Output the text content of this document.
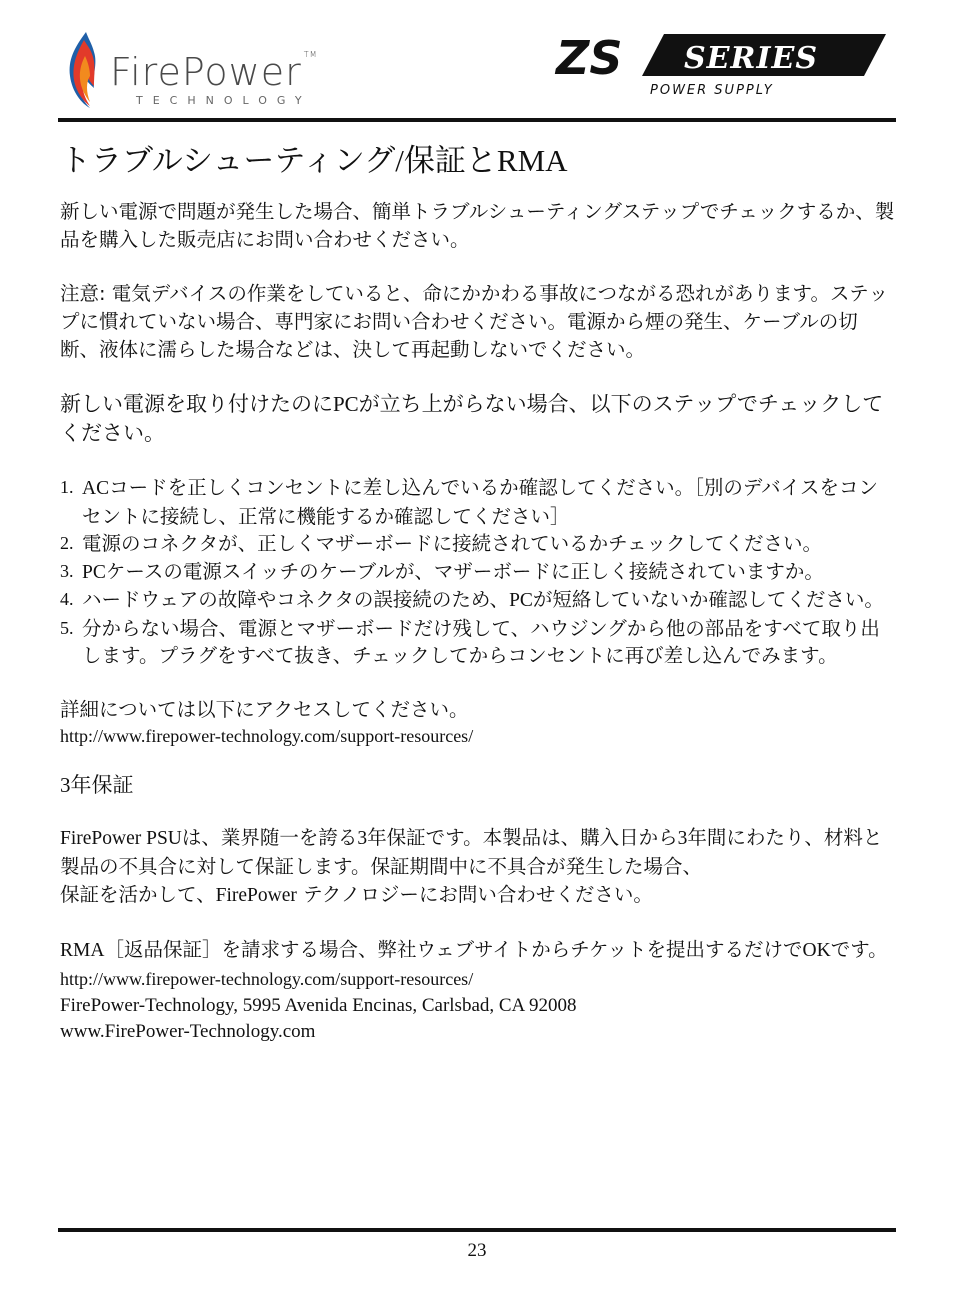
FirePower ™
TECHNOLOGY
ZS SERIES
POWER SUPPLY
トラブルシューティング/保証とRMA

新しい電源で問題が発生した場合、簡単トラブルシューティングステップでチェックするか、製品を購入した販売店にお問い合わせください。

注意: 電気デバイスの作業をしていると、命にかかわる事故につながる恐れがあります。ステップに慣れていない場合、専門家にお問い合わせください。電源から煙の発生、ケーブルの切断、液体に濡らした場合などは、決して再起動しないでください。

新しい電源を取り付けたのにPCが立ち上がらない場合、以下のステップでチェックしてください。

1. ACコードを正しくコンセントに差し込んでいるか確認してください。［別のデバイスをコンセントに接続し、正常に機能するか確認してください］
2. 電源のコネクタが、正しくマザーボードに接続されているかチェックしてください。
3. PCケースの電源スイッチのケーブルが、マザーボードに正しく接続されていますか。
4. ハードウェアの故障やコネクタの誤接続のため、PCが短絡していないか確認してください。
5. 分からない場合、電源とマザーボードだけ残して、ハウジングから他の部品をすべて取り出します。プラグをすべて抜き、チェックしてからコンセントに再び差し込んでみます。

詳細については以下にアクセスしてください。

http://www.firepower-technology.com/support-resources/

3年保証

FirePower PSUは、業界随一を誇る3年保証です。本製品は、購入日から3年間にわたり、材料と製品の不具合に対して保証します。保証期間中に不具合が発生した場合、
保証を活かして、FirePower テクノロジーにお問い合わせください。

RMA［返品保証］を請求する場合、弊社ウェブサイトからチケットを提出するだけでOKです。http://www.firepower-technology.com/support-resources/

FirePower-Technology, 5995 Avenida Encinas, Carlsbad, CA 92008

www.FirePower-Technology.com

23
